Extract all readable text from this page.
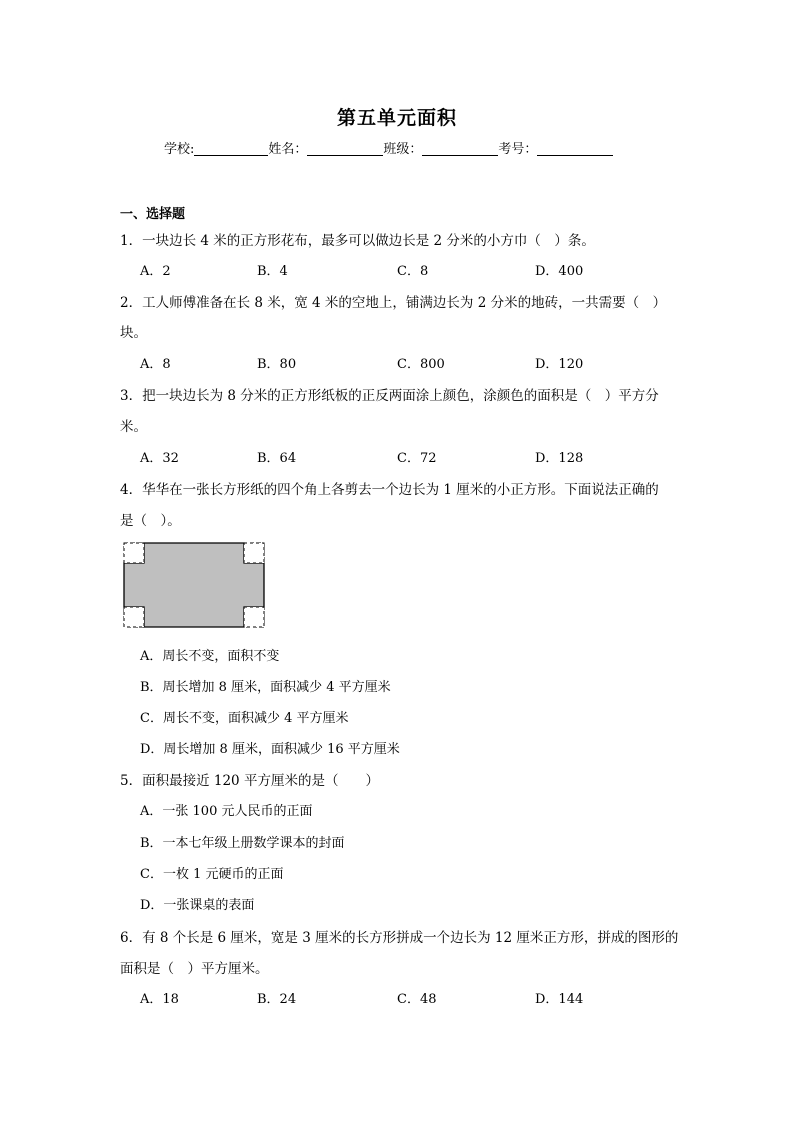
第五单元面积
学校:	姓名：	班级：	考号：
一、选择题
1．一块边长 4 米的正方形花布，最多可以做边长是 2 分米的小方巾（　）条。
A．2	B．4	C．8	D．400
2．工人师傅准备在长 8 米，宽 4 米的空地上，铺满边长为 2 分米的地砖，一共需要（　）
块。
A．8	B．80	C．800	D．120
3．把一块边长为 8 分米的正方形纸板的正反两面涂上颜色，涂颜色的面积是（　）平方分
米。
A．32	B．64	C．72	D．128
4．华华在一张长方形纸的四个角上各剪去一个边长为 1 厘米的小正方形。下面说法正确的
是（　）。
A．周长不变，面积不变
B．周长增加 8 厘米，面积减少 4 平方厘米
C．周长不变，面积减少 4 平方厘米
D．周长增加 8 厘米，面积减少 16 平方厘米
5．面积最接近 120 平方厘米的是（　　）
A．一张 100 元人民币的正面
B．一本七年级上册数学课本的封面
C．一枚 1 元硬币的正面
D．一张课桌的表面
6．有 8 个长是 6 厘米，宽是 3 厘米的长方形拼成一个边长为 12 厘米正方形，拼成的图形的
面积是（　）平方厘米。
A．18	B．24	C．48	D．144
